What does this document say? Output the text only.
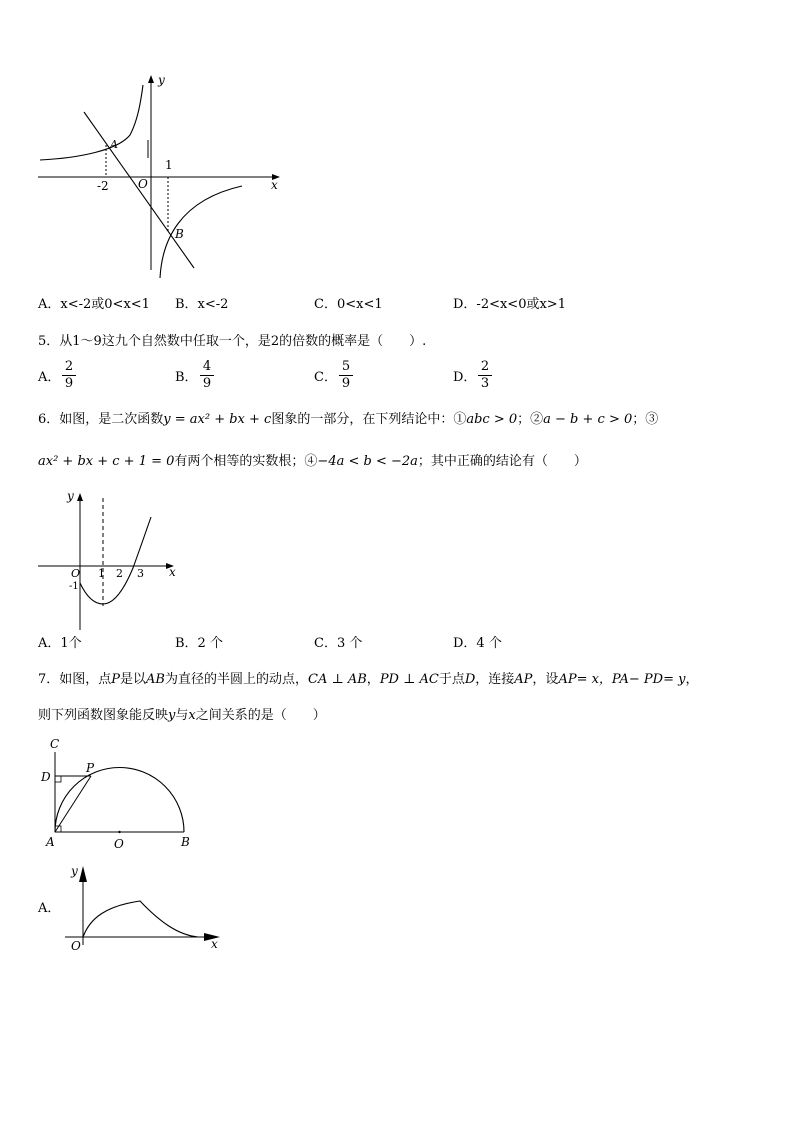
y
x
A
B
O
-2
1
A．x<-2或0<x<1 B．x<-2	C．0<x<1	D．-2<x<0或x>1
5．从1～9这九个自然数中任取一个，是2的倍数的概率是（　　）.
A． $\frac{2}{9}$	B． $\frac{4}{9}$	C． $\frac{5}{9}$	D． $\frac{2}{3}$
6．如图，是二次函数y = ax² + bx + c图象的一部分，在下列结论中：①abc > 0；②a − b + c > 0；③
ax² + bx + c + 1 = 0有两个相等的实数根；④−4a < b < −2a；其中正确的结论有（　　）
y
x
O 1 2 3
-1
A．1个	B．2 个	C．3 个	D．4 个
7．如图，点P是以AB为直径的半圆上的动点，CA ⊥ AB，PD ⊥ AC于点D，连接AP，设AP= x，PA− PD= y，
则下列函数图象能反映y与x之间关系的是（　　）
C
D
P
A	O	B
A．
y
x
O
